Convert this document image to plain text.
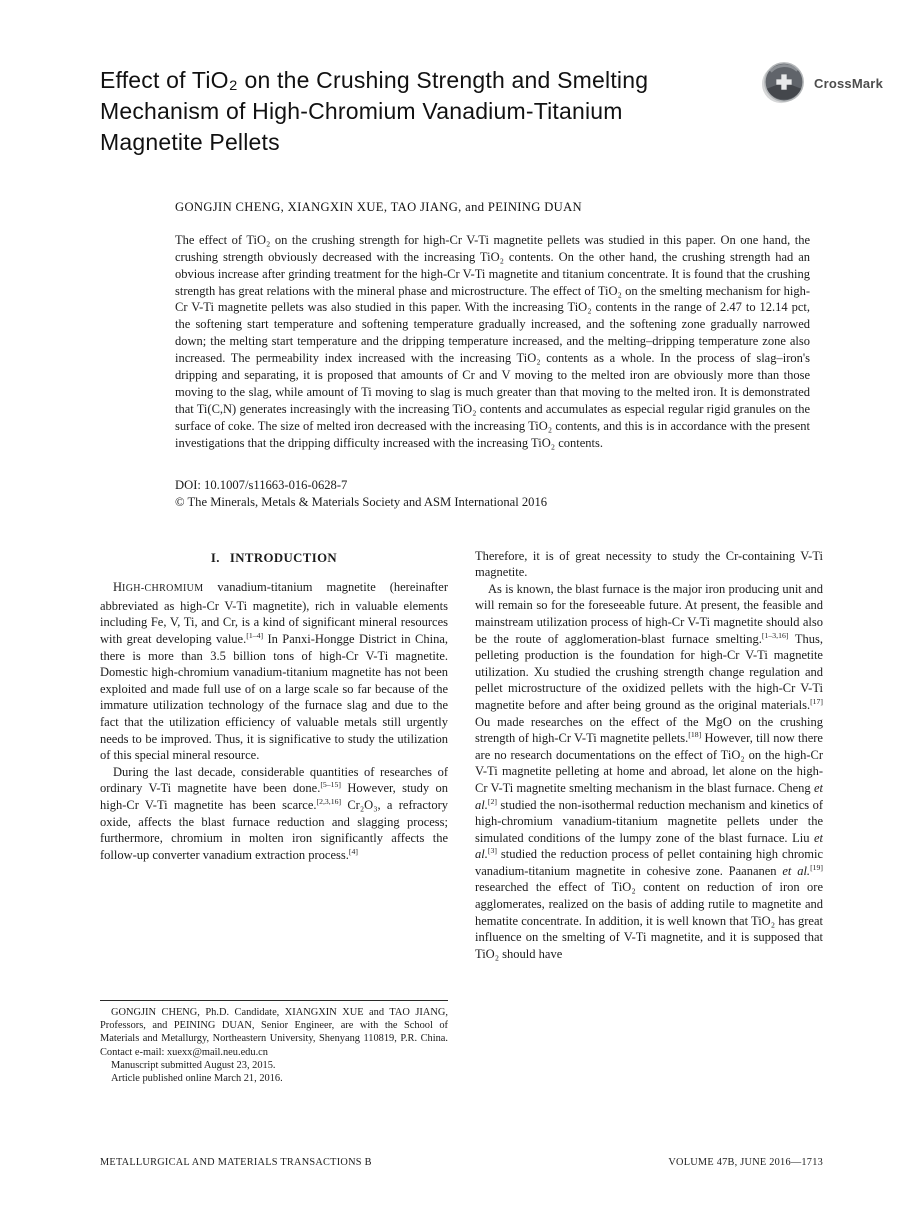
Effect of TiO₂ on the Crushing Strength and Smelting Mechanism of High-Chromium Vanadium-Titanium Magnetite Pellets
CrossMark
GONGJIN CHENG, XIANGXIN XUE, TAO JIANG, and PEINING DUAN
The effect of TiO₂ on the crushing strength for high-Cr V-Ti magnetite pellets was studied in this paper. On one hand, the crushing strength obviously decreased with the increasing TiO₂ contents. On the other hand, the crushing strength had an obvious increase after grinding treatment for the high-Cr V-Ti magnetite and titanium concentrate. It is found that the crushing strength has great relations with the mineral phase and microstructure. The effect of TiO₂ on the smelting mechanism for high-Cr V-Ti magnetite pellets was also studied in this paper. With the increasing TiO₂ contents in the range of 2.47 to 12.14 pct, the softening start temperature and softening temperature gradually increased, and the softening zone gradually narrowed down; the melting start temperature and the dripping temperature increased, and the melting–dripping temperature zone also increased. The permeability index increased with the increasing TiO₂ contents as a whole. In the process of slag–iron's dripping and separating, it is proposed that amounts of Cr and V moving to the melted iron are obviously more than those moving to the slag, while amount of Ti moving to slag is much greater than that moving to the melted iron. It is demonstrated that Ti(C,N) generates increasingly with the increasing TiO₂ contents and accumulates as especial regular rigid granules on the surface of coke. The size of melted iron decreased with the increasing TiO₂ contents, and this is in accordance with the present investigations that the dripping difficulty increased with the increasing TiO₂ contents.
DOI: 10.1007/s11663-016-0628-7
© The Minerals, Metals & Materials Society and ASM International 2016
I. INTRODUCTION

HIGH-CHROMIUM vanadium-titanium magnetite (hereinafter abbreviated as high-Cr V-Ti magnetite), rich in valuable elements including Fe, V, Ti, and Cr, is a kind of significant mineral resources with great developing value.[1–4] In Panxi-Hongge District in China, there is more than 3.5 billion tons of high-Cr V-Ti magnetite. Domestic high-chromium vanadium-titanium magnetite has not been exploited and made full use of on a large scale so far because of the immature utilization technology of the furnace slag and due to the fact that the utilization efficiency of valuable metals still urgently needs to be improved. Thus, it is significative to study the utilization of this special mineral resource.

During the last decade, considerable quantities of researches of ordinary V-Ti magnetite have been done.[5–15] However, study on high-Cr V-Ti magnetite has been scarce.[2,3,16] Cr₂O₃, a refractory oxide, affects the blast furnace reduction and slagging process; furthermore, chromium in molten iron significantly affects the follow-up converter vanadium extraction process.[4]

GONGJIN CHENG, Ph.D. Candidate, XIANGXIN XUE and TAO JIANG, Professors, and PEINING DUAN, Senior Engineer, are with the School of Materials and Metallurgy, Northeastern University, Shenyang 110819, P.R. China. Contact e-mail: xuexx@mail.neu.edu.cn

Manuscript submitted August 23, 2015.

Article published online March 21, 2016.

Therefore, it is of great necessity to study the Cr-containing V-Ti magnetite.

As is known, the blast furnace is the major iron producing unit and will remain so for the foreseeable future. At present, the feasible and mainstream utilization process of high-Cr V-Ti magnetite should also be the route of agglomeration-blast furnace smelting.[1–3,16] Thus, pelleting production is the foundation for high-Cr V-Ti magnetite utilization. Xu studied the crushing strength change regulation and pellet microstructure of the oxidized pellets with the high-Cr V-Ti magnetite before and after being ground as the original materials.[17] Ou made researches on the effect of the MgO on the crushing strength of high-Cr V-Ti magnetite pellets.[18] However, till now there are no research documentations on the effect of TiO₂ on the high-Cr V-Ti magnetite pelleting at home and abroad, let alone on the high-Cr V-Ti magnetite smelting mechanism in the blast furnace. Cheng et al.[2] studied the non-isothermal reduction mechanism and kinetics of high-chromium vanadium-titanium magnetite pellets under the simulated conditions of the lumpy zone of the blast furnace. Liu et al.[3] studied the reduction process of pellet containing high chromic vanadium-titanium magnetite in cohesive zone. Paananen et al.[19] researched the effect of TiO₂ content on reduction of iron ore agglomerates, realized on the basis of adding rutile to magnetite and hematite concentrate. In addition, it is well known that TiO₂ has great influence on the smelting of V-Ti magnetite, and it is supposed that TiO₂ should have

METALLURGICAL AND MATERIALS TRANSACTIONS B	VOLUME 47B, JUNE 2016—1713
